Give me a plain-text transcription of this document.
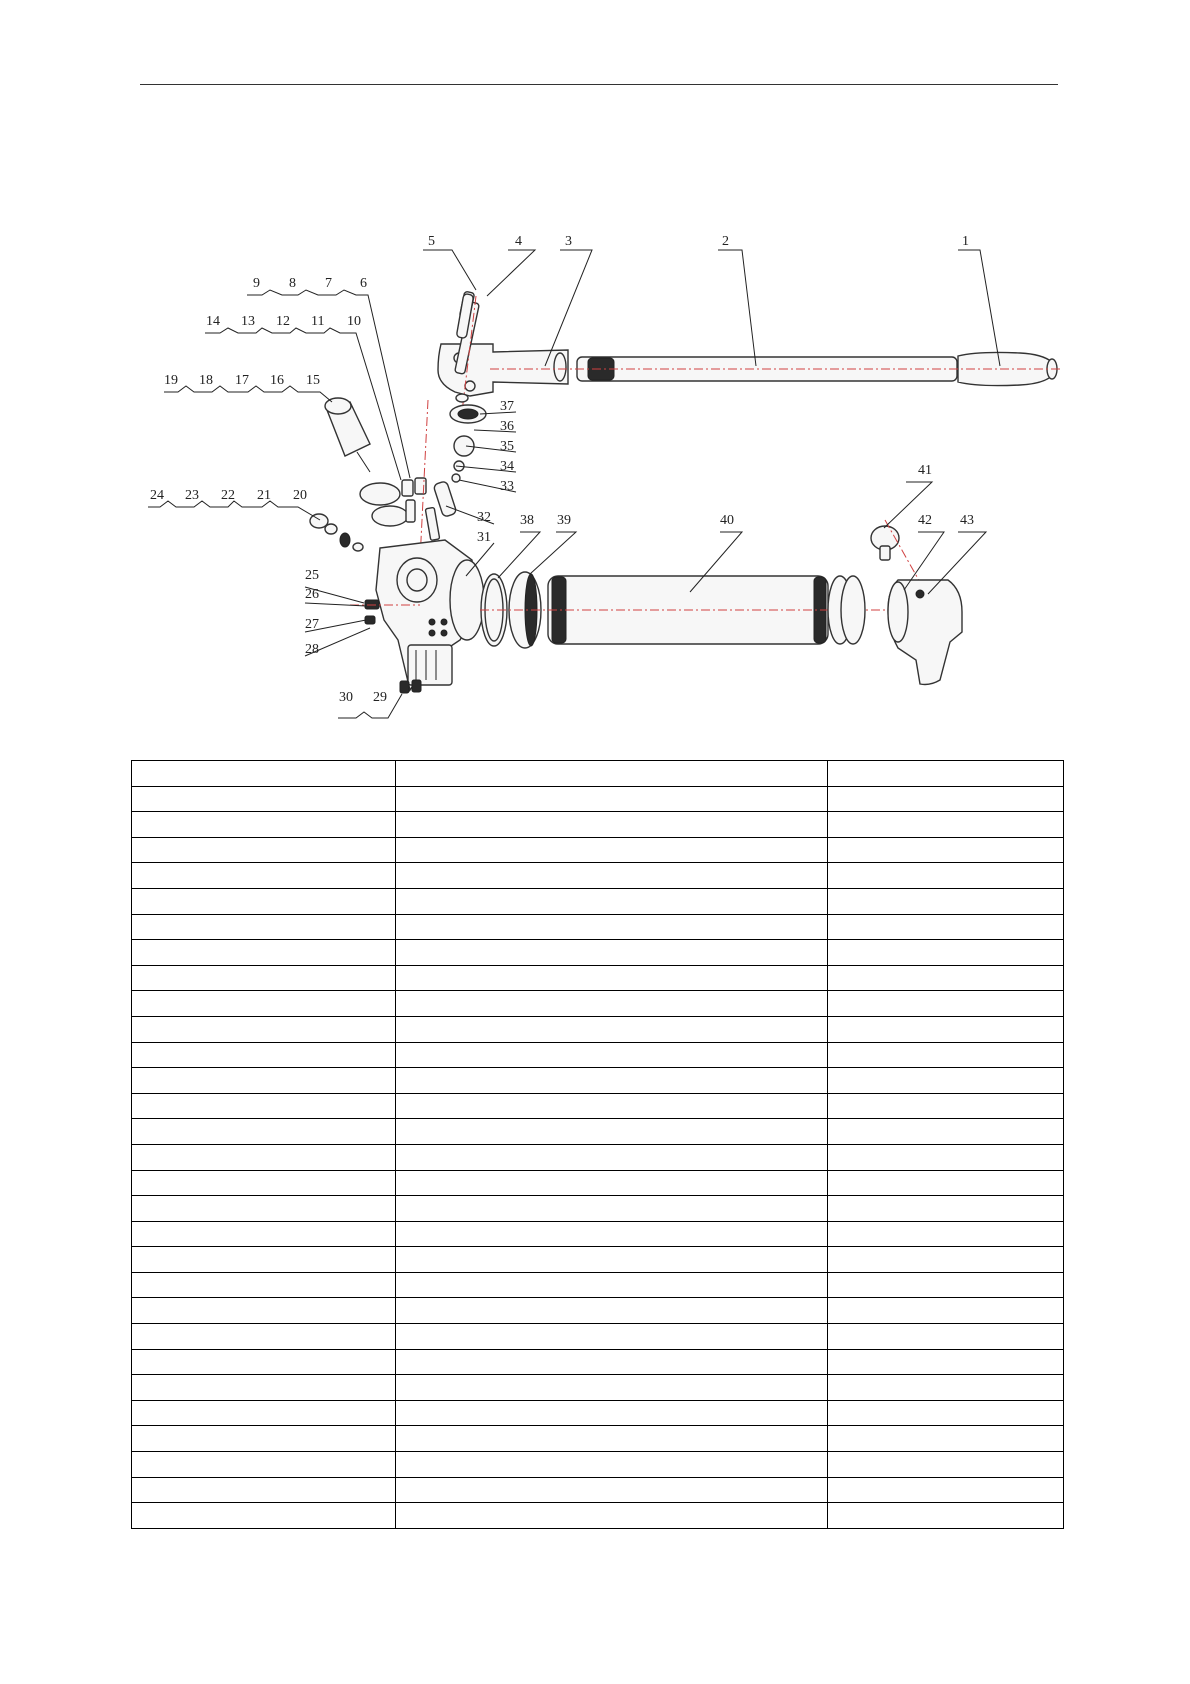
1
2
3
4
5
6
7
8
9
10
11
12
13
14
15
16
17
18
19
20
21
22
23
24
25
26
27
28
29
30
31
32
33
34
35
36
37
38 39	40
41
42 43
